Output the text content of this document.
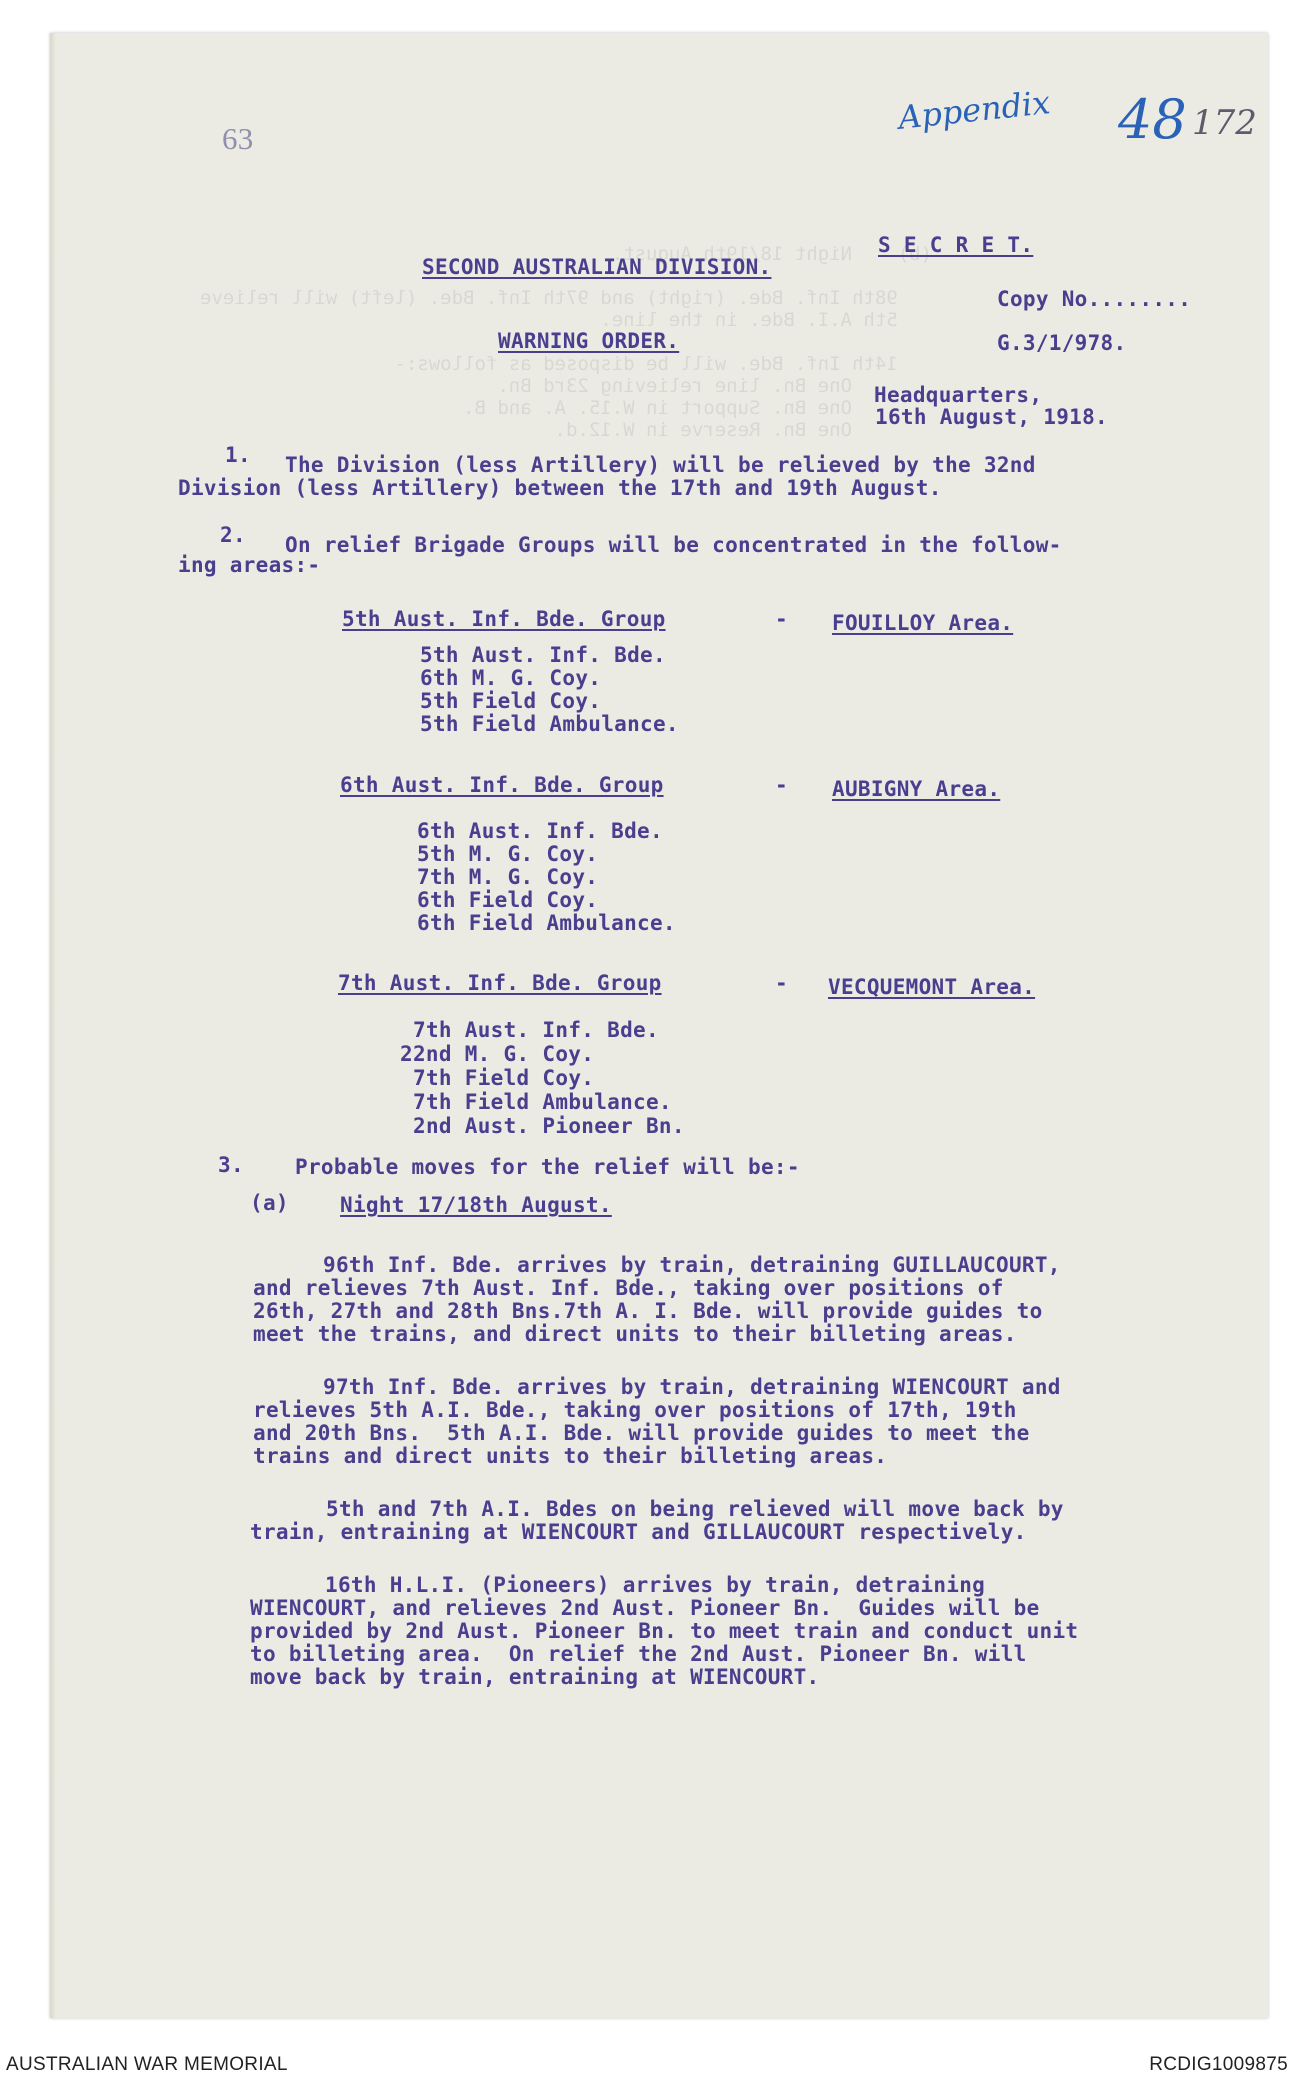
(b)    Night 18/19th August.

98th Inf. Bde. (right) and 97th Inf. Bde. (left) will relieve
5th A.I. Bde. in the line.

14th Inf. Bde. will be disposed as follows:-
One Bn. line relieving 23rd Bn.
One Bn. Support in W.15. A. and B.
One Bn. Reserve in W.12.d.
63
Appendix 48 172
S E C R E T.
SECOND AUSTRALIAN DIVISION.
Copy No........
WARNING ORDER.	G.3/1/978.
Headquarters,
16th August, 1918.
1. The Division (less Artillery) will be relieved by the 32nd
Division (less Artillery) between the 17th and 19th August.
2. On relief Brigade Groups will be concentrated in the follow-
ing areas:-
5th Aust. Inf. Bde. Group	- FOUILLOY Area.
5th Aust. Inf. Bde.
6th M. G. Coy.
5th Field Coy.
5th Field Ambulance.
6th Aust. Inf. Bde. Group	- AUBIGNY Area.
6th Aust. Inf. Bde.
5th M. G. Coy.
7th M. G. Coy.
6th Field Coy.
6th Field Ambulance.
7th Aust. Inf. Bde. Group	- VECQUEMONT Area.
7th Aust. Inf. Bde.
22nd M. G. Coy.
7th Field Coy.
7th Field Ambulance.
2nd Aust. Pioneer Bn.
3. Probable moves for the relief will be:-
(a) Night 17/18th August.
96th Inf. Bde. arrives by train, detraining GUILLAUCOURT,
and relieves 7th Aust. Inf. Bde., taking over positions of
26th, 27th and 28th Bns.7th A. I. Bde. will provide guides to
meet the trains, and direct units to their billeting areas.
97th Inf. Bde. arrives by train, detraining WIENCOURT and
relieves 5th A.I. Bde., taking over positions of 17th, 19th
and 20th Bns.  5th A.I. Bde. will provide guides to meet the
trains and direct units to their billeting areas.
5th and 7th A.I. Bdes on being relieved will move back by
train, entraining at WIENCOURT and GILLAUCOURT respectively.
16th H.L.I. (Pioneers) arrives by train, detraining
WIENCOURT, and relieves 2nd Aust. Pioneer Bn.  Guides will be
provided by 2nd Aust. Pioneer Bn. to meet train and conduct unit
to billeting area.  On relief the 2nd Aust. Pioneer Bn. will
move back by train, entraining at WIENCOURT.
AUSTRALIAN WAR MEMORIAL	RCDIG1009875
